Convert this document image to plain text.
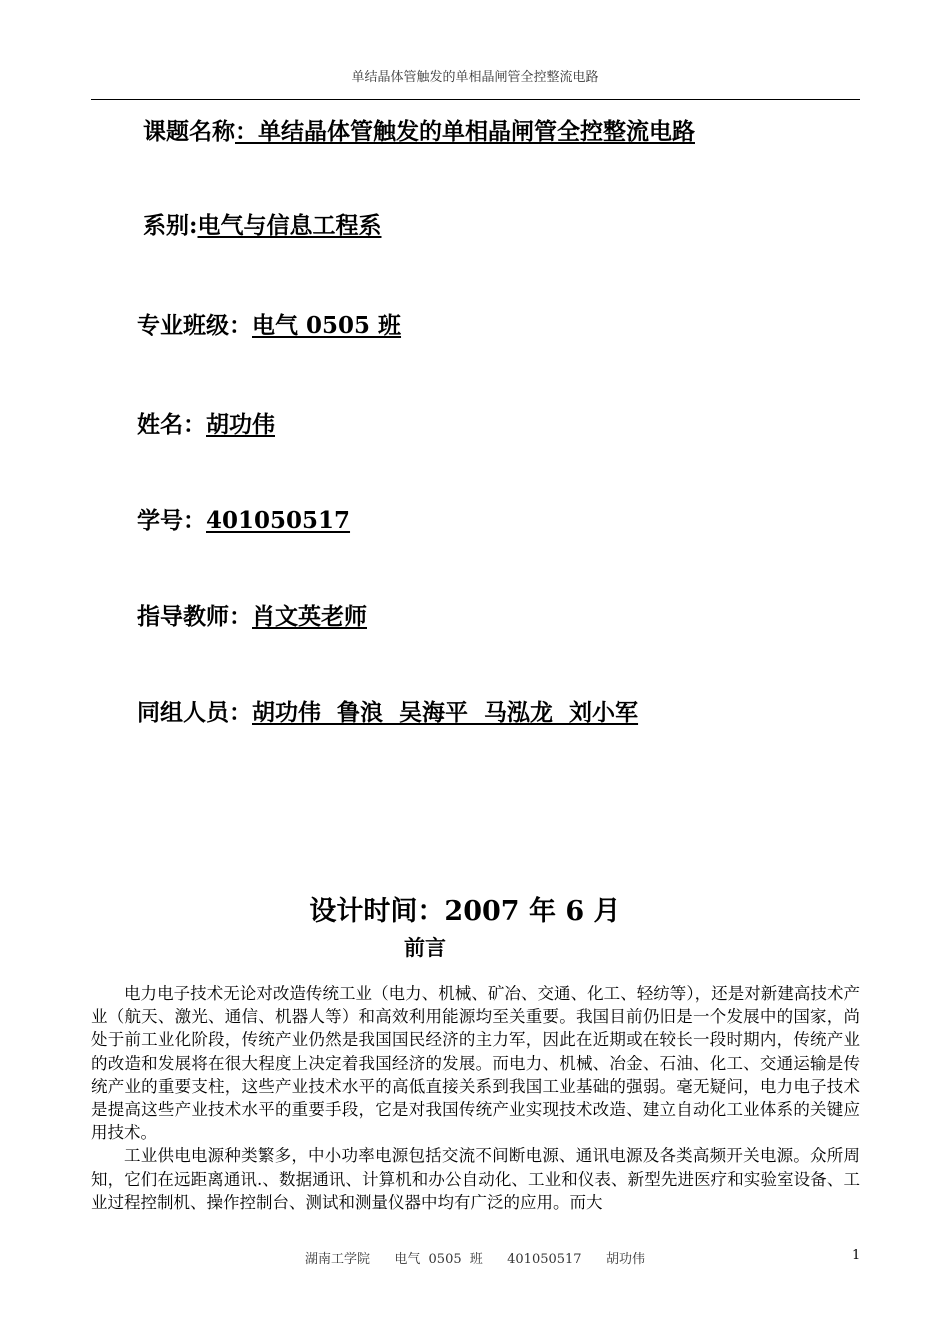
单结晶体管触发的单相晶闸管全控整流电路
课题名称：单结晶体管触发的单相晶闸管全控整流电路
系别:电气与信息工程系
专业班级：电气 0505 班
姓名：胡功伟
学号：401050517
指导教师：肖文英老师
同组人员：胡功伟  鲁浪  吴海平  马泓龙  刘小军
设计时间：2007 年 6 月
前言

电力电子技术无论对改造传统工业（电力、机械、矿冶、交通、化工、轻纺等），还是对新建高技术产业（航天、激光、通信、机器人等）和高效利用能源均至关重要。我国目前仍旧是一个发展中的国家，尚处于前工业化阶段，传统产业仍然是我国国民经济的主力军，因此在近期或在较长一段时期内，传统产业的改造和发展将在很大程度上决定着我国经济的发展。而电力、机械、冶金、石油、化工、交通运输是传统产业的重要支柱，这些产业技术水平的高低直接关系到我国工业基础的强弱。毫无疑问，电力电子技术是提高这些产业技术水平的重要手段，它是对我国传统产业实现技术改造、建立自动化工业体系的关键应用技术。

工业供电电源种类繁多，中小功率电源包括交流不间断电源、通讯电源及各类高频开关电源。众所周知，它们在远距离通讯.、数据通讯、计算机和办公自动化、工业和仪表、新型先进医疗和实验室设备、工业过程控制机、操作控制台、测试和测量仪器中均有广泛的应用。而大

湖南工学院   电气 0505 班   401050517   胡功伟	1
